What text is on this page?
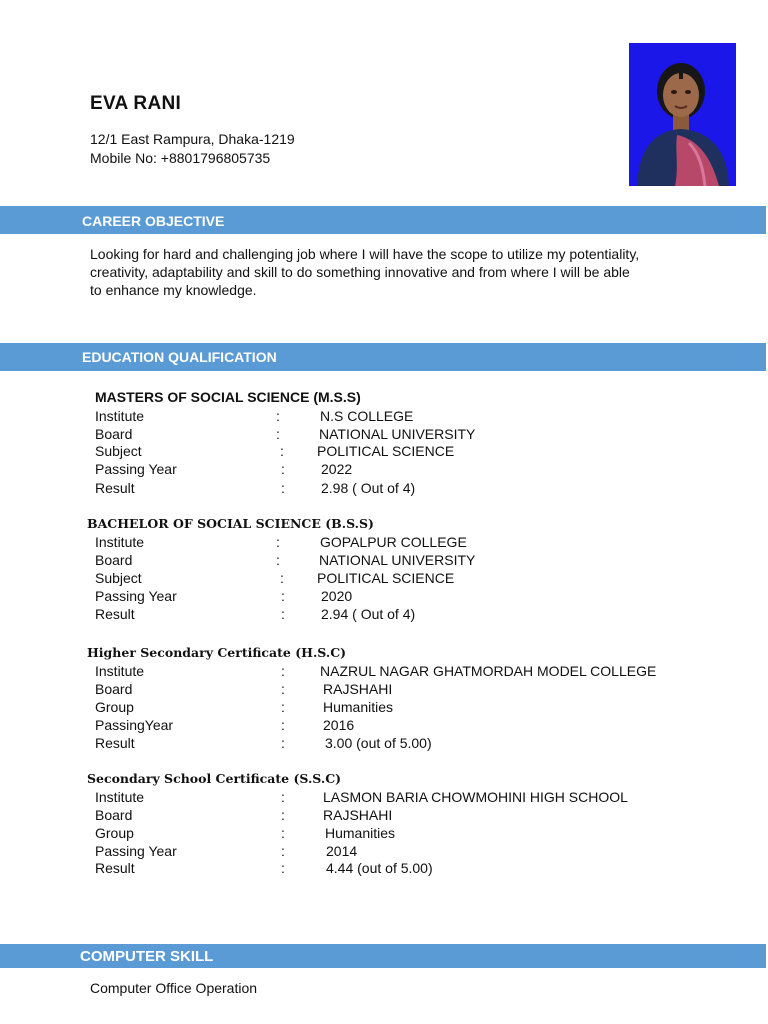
EVA RANI
12/1 East Rampura, Dhaka-1219
Mobile No: +8801796805735
CAREER OBJECTIVE
Looking for hard and challenging job where I will have the scope to utilize my potentiality,
creativity, adaptability and skill to do something innovative and from where I will be able
to enhance my knowledge.
EDUCATION QUALIFICATION
MASTERS OF SOCIAL SCIENCE (M.S.S)
Institute	:	N.S COLLEGE
Board	:	NATIONAL UNIVERSITY
Subject	: POLITICAL SCIENCE
Passing Year	:	2022
Result	:	2.98 ( Out of 4)
BACHELOR OF SOCIAL SCIENCE (B.S.S)
Institute	:	GOPALPUR COLLEGE
Board	:	NATIONAL UNIVERSITY
Subject	: POLITICAL SCIENCE
Passing Year	:	2020
Result	:	2.94 ( Out of 4)
Higher Secondary Certificate (H.S.C)
Institute	:	NAZRUL NAGAR GHATMORDAH MODEL COLLEGE
Board	:	RAJSHAHI
Group	:	Humanities
PassingYear	:	2016
Result	:	3.00 (out of 5.00)
Secondary School Certificate (S.S.C)
Institute	:	LASMON BARIA CHOWMOHINI HIGH SCHOOL
Board	:	RAJSHAHI
Group	:	Humanities
Passing Year	:	2014
Result	:	4.44 (out of 5.00)
COMPUTER SKILL
Computer Office Operation
